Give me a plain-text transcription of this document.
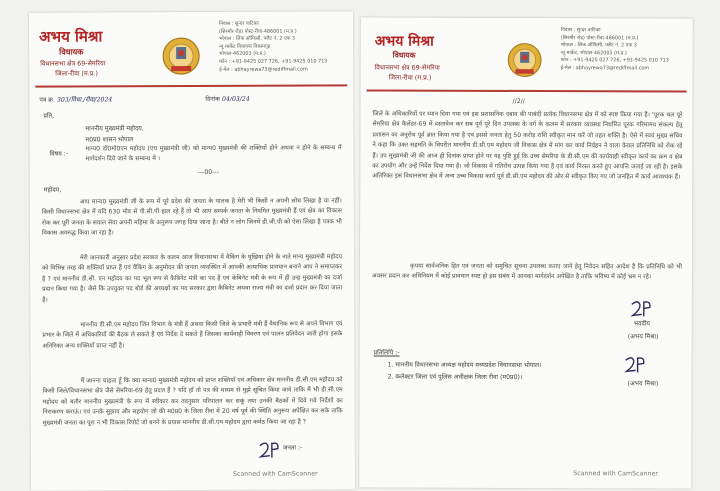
अभय मिश्रा
विधायक
विधानसभा क्षेत्र 69-सेमरिया
जिला-रीवा (म.प्र.)
निवास : सुन्दर वाटिका
(सिरमौर रोड) पोस्ट-रीवा-486001 (म.प्र.)
भोपाल : लिंक ऑफिसी, फ्लैट नं. 2 एफ 3
न्यू मार्केट विधायक विश्रामगृह
भोपाल-462003 (म.प्र.)
फोन : +91-9425 027 726, +91-9425 010 713
ई-मेल : abhayrewa73@rediffmail.com
पत्र क्र. 303/विधा./रीवा/2024	दिनांक 04/03/24
प्रति,
माननीय मुख्यमंत्री महोदय,
म0प्र0 शासन भोपाल
विषय :-
मान्य0 डॉ0मो0एन महोदय (एच मुख्यमंत्री जी) को मान्य0 मुख्यमंत्री की शक्तियों होने अथवा न होने के सम्बन्ध में मार्गदर्शन दिये जाने के सम्बन्ध में ।
---00---
महोदय,
आप मान्य0 मुख्यमंत्री जी के रूप में पूरे प्रदेश की जनता के पालक है मेरी भी किसी न अपनी सोच लिखा है या नहीं। किसी विधानसभा क्षेत्र में यदि 630 मोड से वी.सी.पी हाल रहे हैं तो भी आप सम्पर्क जनता के नियमित मुख्यमंत्री हैं एवं क्षेत्र का विकास रोक कर पूरी जनता के सवाल सेवा अपनी महिमा के अनुरूप जगह दिया जाना है। बीते न लोग जिनमें डी.जी.पी को ऐसा लिखा है पत्रक भी विकास अवरुद्ध किया जा रहा है।
मेरी जानकारी अनुसार प्रदेश सरकार के कलम आज विधानसभा में वैकिंग के मुखिया होने के नाते मान्य मुख्यमंत्री महोदय को विभिन्न तरह की शक्तियाँ प्राप्त हैं एवं वैकिंग के अनुमोदन की जनता व्यवस्थित में आपकी अत्याधिक प्रावधान बनाने आप ने समाप्तकर है ? एवं माननीय डी.सी. एन महोदय का पद भूल रूप से कैबिनेट मंत्री का पद है एवं केबिनेट मंत्री के रूप में ही उन्ह मुख्यमंत्री का दर्जा प्रदान किया गया है। जैसे कि उपयुक्त पद बोर्ड की अध्यक्षों का पद सरकार द्वारा कैबिनेट अथवा राज्य मंत्री का दर्जा प्रदान कर दिया जाता है।
माननीय डी.सी.एम महोदय जिन विभाग के मंत्री हैं अथवा किसी जिले के प्रभारी मंत्री हैं वैधानिक रूप से अपने विभाग एवं प्रभार के जिले में अधिकारियों की बैठक ले सकते हैं एवं निर्देश दे सकते हैं जिसका कार्यवाही विवरण एवं पालन प्रतिवेदन जारी होगा इसके अतिरिक्त अन्य शक्तियाँ प्राप्त नहीं है।
मैं जानना चाहता हूँ कि क्या मान्य0 मुख्यमंत्री महोदय को प्राप्त शक्तियाँ एवं अधिकार क्षेत्र माननीय डी.सी.एम महोदय को किसी जिले/विधानसभा क्षेत्र जैसे सेमरिया-69 हेतु प्रदत्त हैं ? यदि हाँ तो पत्र की मध्यम से मुझे सूचित किया जावे ताकि मैं भी डी.सी.एम महोदय को बतौर माननीय मुख्यमंत्री के रूप में स्वीकार कर तदनुसार परिपालन कर सकूं तथा उनकी बैठकों में दिये गये निर्देशों का निराकरण कराऊं। एवं उनके सुझाव और सहयोग जो की म0प्र0 के जिला रीवा में 20 वर्ष पूर्व की स्थिति अनुरूप अपेक्षित कर सके ताकि मुख्यमंत्री जनता का पूरा न भी विकास रिपोर्ट जो बनने के प्रयास माननीय डी.सी.एम महोदय द्वारा कर्मठ किया जा रहा है ?
जनता :-
Scanned with CamScanner
अभय मिश्रा
विधायक
विधानसभा क्षेत्र 69-सेमरिया
जिला-रीवा (म.प्र.)
निवास : सुन्दर वाटिका
(सिरमौर रोड) पोस्ट-रीवा-486001 (म.प्र.)
भोपाल : लिंक ऑफिसी, फ्लैट नं. 2 एफ 3
न्यू मार्केट, भोपाल-462003 (म.प्र.)
फोन : +91-9425 027 726, +91-9425 010 713
ई-मेल : abhayrewa73@rediffmail.com
//2//
जिले के अधिकारियों पर ध्यान दिया गया एवं इस प्रशासनिक दबाव की पाबंदी प्रत्येक विधानसभा क्षेत्र में को स्पष्ट किया गया है। 'पूरक चल पूरे सेमरिया क्षेत्र कैलेंडर-69 में दस्तावेज कर सब पूर्व पूरे दिन उपलब्ध के वर्ग के कलम में सरकार व्यवस्था निर्धारित पूरक गरिमामय संकल्प हेतु प्रशासन का अनुरोध पूर्व ज्ञात किया गया है एवं इससे जनता हेतु 50 करोड़ राशि स्वीकृत मान करें जो तहत शक्ति है। ऐसे में स्वयं मुख्य सचिव ने कहा कि उक्त सहमति के विपरीत माननीय डी.सी.एम महोदय जी विकास क्षेत्र में मांग कर कार्य निर्वहन ने वाला केवल प्रतिनिधि को रोक रहे हैं। उप मुख्यमंत्री जी की आज ही दिनांक प्राप्त होने पर यह पुष्टि हुई कि उच्च सेमरिया के डी.सी.एम की कार्यवाही स्वीकृत कार्य का क्रम व क्षेत्र का उपयोग और उन्हें निर्देश दिया गया है। जो विकास में गतिरोध उत्पन्न किया गया है एवं कार्य निरस्त करते हुए आपत्ति जताई जा रही है। इसके अतिरिक्त इस विधानसभा क्षेत्र में अन्य उच्च विकास कार्य पूर्व डी.सी.एम महोदय की ओर से स्वीकृत किए गए जो जनहित में कार्य आवश्यक हैं।
कृपया सार्वजनिक हित एवं जनता को समुचित सूचना उपलब्ध कराए जाने हेतु निवेदन सहित आदेश है कि प्रतिनिधि को भी अवसर प्रदान कर अधिनियम में कोई प्रावधान स्पष्ट हो इस संबंध में आपका मार्गदर्शन अपेक्षित है ताकि भविष्य में कोई भ्रम न रहे।
भवदीय
(अभय मिश्रा)
प्रतिलिपि :-
1. माननीय विधानसभा अध्यक्ष महोदय मध्यप्रदेश विधानसभा भोपाल।
2. कलेक्टर जिला एवं पुलिस अधीक्षक जिला रीवा (म0प्र0)।
(अभय मिश्रा)
Scanned with CamScanner
